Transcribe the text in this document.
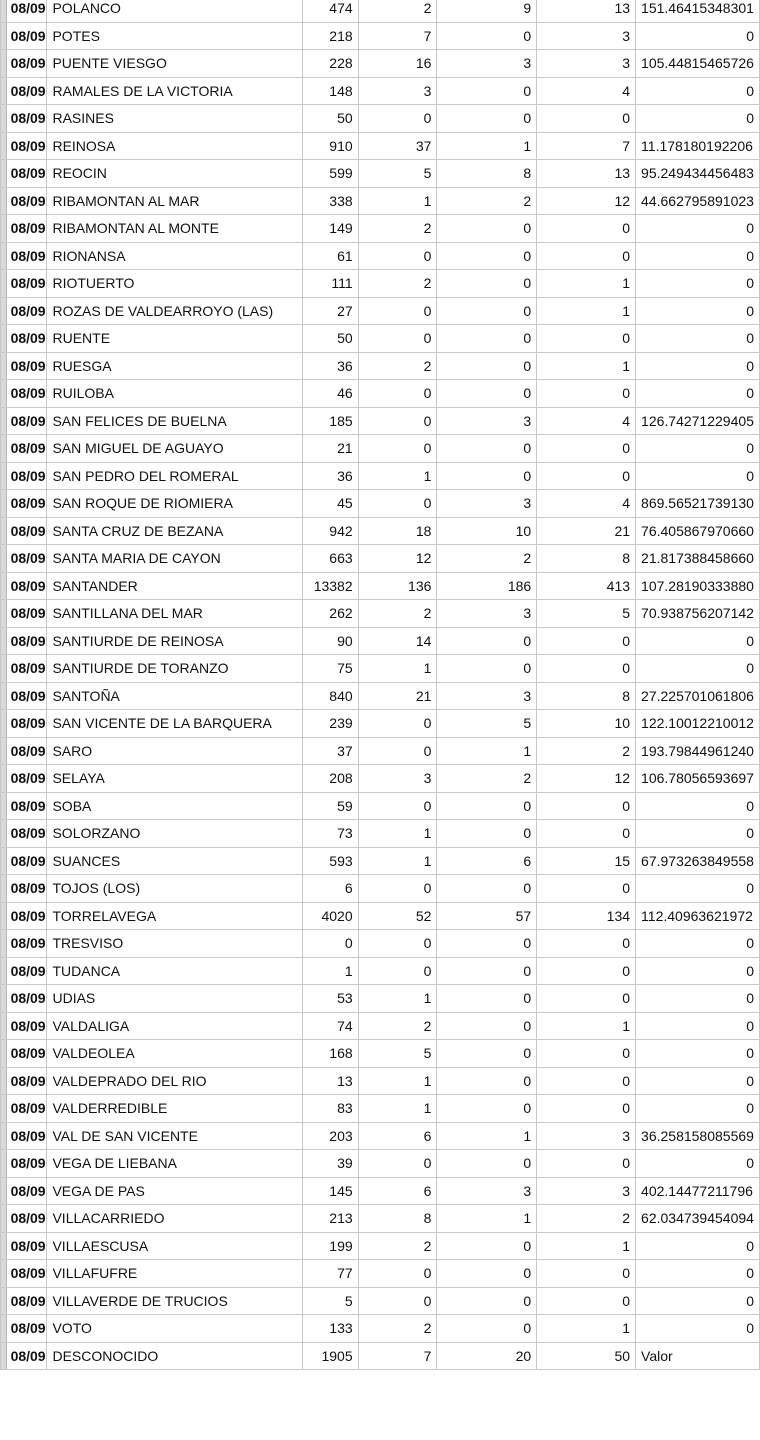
	08/09	POLANCO	474	2	9	13	151.46415348301
	08/09	POTES	218	7	0	3	0
	08/09	PUENTE VIESGO	228	16	3	3	105.44815465726
	08/09	RAMALES DE LA VICTORIA	148	3	0	4	0
	08/09	RASINES	50	0	0	0	0
	08/09	REINOSA	910	37	1	7	11.178180192206
	08/09	REOCIN	599	5	8	13	95.249434456483
	08/09	RIBAMONTAN AL MAR	338	1	2	12	44.662795891023
	08/09	RIBAMONTAN AL MONTE	149	2	0	0	0
	08/09	RIONANSA	61	0	0	0	0
	08/09	RIOTUERTO	111	2	0	1	0
	08/09	ROZAS DE VALDEARROYO (LAS)	27	0	0	1	0
	08/09	RUENTE	50	0	0	0	0
	08/09	RUESGA	36	2	0	1	0
	08/09	RUILOBA	46	0	0	0	0
	08/09	SAN FELICES DE BUELNA	185	0	3	4	126.74271229405
	08/09	SAN MIGUEL DE AGUAYO	21	0	0	0	0
	08/09	SAN PEDRO DEL ROMERAL	36	1	0	0	0
	08/09	SAN ROQUE DE RIOMIERA	45	0	3	4	869.56521739130
	08/09	SANTA CRUZ DE BEZANA	942	18	10	21	76.405867970660
	08/09	SANTA MARIA DE CAYON	663	12	2	8	21.817388458660
	08/09	SANTANDER	13382	136	186	413	107.28190333880
	08/09	SANTILLANA DEL MAR	262	2	3	5	70.938756207142
	08/09	SANTIURDE DE REINOSA	90	14	0	0	0
	08/09	SANTIURDE DE TORANZO	75	1	0	0	0
	08/09	SANTOÑA	840	21	3	8	27.225701061806
	08/09	SAN VICENTE DE LA BARQUERA	239	0	5	10	122.10012210012
	08/09	SARO	37	0	1	2	193.79844961240
	08/09	SELAYA	208	3	2	12	106.78056593697
	08/09	SOBA	59	0	0	0	0
	08/09	SOLORZANO	73	1	0	0	0
	08/09	SUANCES	593	1	6	15	67.973263849558
	08/09	TOJOS (LOS)	6	0	0	0	0
	08/09	TORRELAVEGA	4020	52	57	134	112.40963621972
	08/09	TRESVISO	0	0	0	0	0
	08/09	TUDANCA	1	0	0	0	0
	08/09	UDIAS	53	1	0	0	0
	08/09	VALDALIGA	74	2	0	1	0
	08/09	VALDEOLEA	168	5	0	0	0
	08/09	VALDEPRADO DEL RIO	13	1	0	0	0
	08/09	VALDERREDIBLE	83	1	0	0	0
	08/09	VAL DE SAN VICENTE	203	6	1	3	36.258158085569
	08/09	VEGA DE LIEBANA	39	0	0	0	0
	08/09	VEGA DE PAS	145	6	3	3	402.14477211796
	08/09	VILLACARRIEDO	213	8	1	2	62.034739454094
	08/09	VILLAESCUSA	199	2	0	1	0
	08/09	VILLAFUFRE	77	0	0	0	0
	08/09	VILLAVERDE DE TRUCIOS	5	0	0	0	0
	08/09	VOTO	133	2	0	1	0
	08/09	DESCONOCIDO	1905	7	20	50	Valor
